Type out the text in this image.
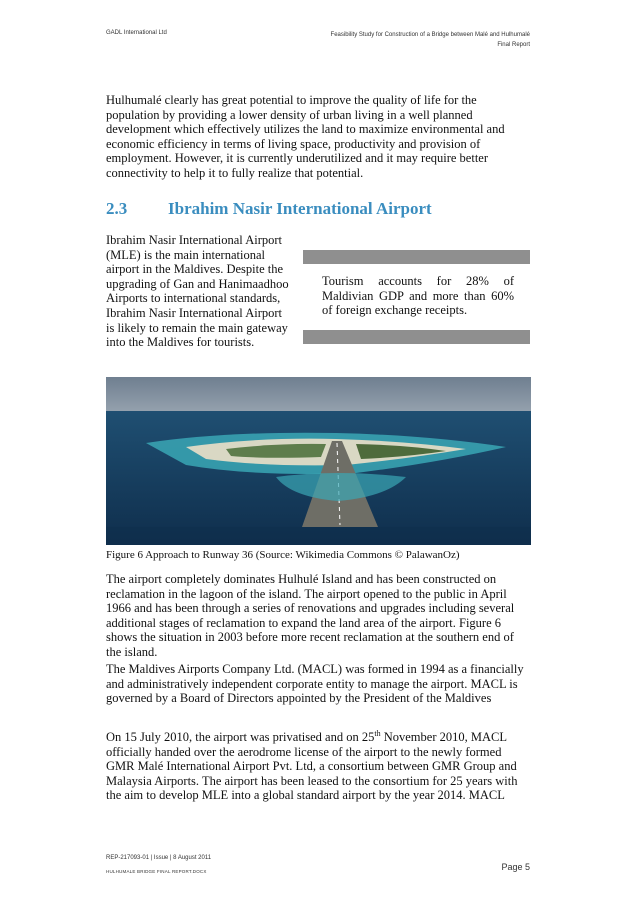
GADL International Ltd	Feasibility Study for Construction of a Bridge between Malé and Hulhumalé
Final Report

Hulhumalé clearly has great potential to improve the quality of life for the population by providing a lower density of urban living in a well planned development which effectively utilizes the land to maximize environmental and economic efficiency in terms of living space, productivity and provision of employment. However, it is currently underutilized and it may require better connectivity to help it to fully realize that potential.

2.3 Ibrahim Nasir International Airport

Ibrahim Nasir International Airport (MLE) is the main international airport in the Maldives. Despite the upgrading of Gan and Hanimaadhoo Airports to international standards, Ibrahim Nasir International Airport is likely to remain the main gateway into the Maldives for tourists.

Tourism accounts for 28% of Maldivian GDP and more than 60% of foreign exchange receipts.

Figure 6 Approach to Runway 36 (Source: Wikimedia Commons © PalawanOz)

The airport completely dominates Hulhulé Island and has been constructed on reclamation in the lagoon of the island. The airport opened to the public in April 1966 and has been through a series of renovations and upgrades including several additional stages of reclamation to expand the land area of the airport. Figure 6 shows the situation in 2003 before more recent reclamation at the southern end of the island.

The Maldives Airports Company Ltd. (MACL) was formed in 1994 as a financially and administratively independent corporate entity to manage the airport. MACL is governed by a Board of Directors appointed by the President of the Maldives

On 15 July 2010, the airport was privatised and on 25th November 2010, MACL officially handed over the aerodrome license of the airport to the newly formed GMR Malé International Airport Pvt. Ltd, a consortium between GMR Group and Malaysia Airports. The airport has been leased to the consortium for 25 years with the aim to develop MLE into a global standard airport by the year 2014. MACL

REP-217093-01 | Issue | 8 August 2011
HULHUMALE BRIDGE FINAL REPORT.DOCX	Page 5
